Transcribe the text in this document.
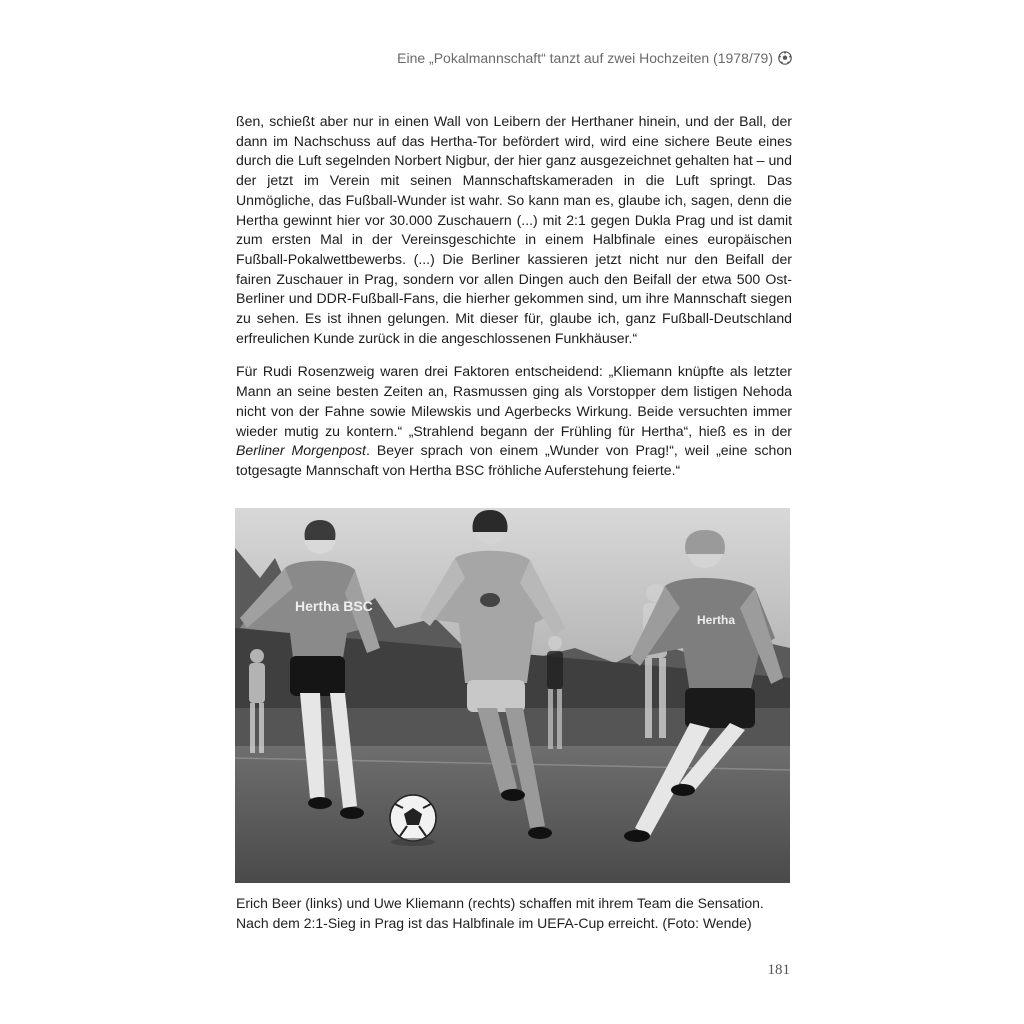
Eine „Pokalmannschaft“ tanzt auf zwei Hochzeiten (1978/79)

ßen, schießt aber nur in einen Wall von Leibern der Herthaner hinein, und der Ball, der dann im Nachschuss auf das Hertha-Tor befördert wird, wird eine sichere Beute eines durch die Luft segelnden Norbert Nigbur, der hier ganz ausgezeichnet gehalten hat – und der jetzt im Verein mit seinen Mannschaftskameraden in die Luft springt. Das Unmögliche, das Fußball-Wunder ist wahr. So kann man es, glaube ich, sagen, denn die Hertha gewinnt hier vor 30.000 Zuschauern (...) mit 2:1 gegen Dukla Prag und ist damit zum ersten Mal in der Vereinsgeschichte in einem Halbfinale eines europäischen Fußball-Pokalwettbewerbs. (...) Die Berliner kassieren jetzt nicht nur den Beifall der fairen Zuschauer in Prag, sondern vor allen Dingen auch den Beifall der etwa 500 Ost-Berliner und DDR-Fußball-Fans, die hierher gekommen sind, um ihre Mannschaft siegen zu sehen. Es ist ihnen gelungen. Mit dieser für, glaube ich, ganz Fußball-Deutschland erfreulichen Kunde zurück in die angeschlossenen Funkhäuser.“

Für Rudi Rosenzweig waren drei Faktoren entscheidend: „Kliemann knüpfte als letzter Mann an seine besten Zeiten an, Rasmussen ging als Vorstopper dem listigen Nehoda nicht von der Fahne sowie Milewskis und Agerbecks Wirkung. Beide versuchten immer wieder mutig zu kontern.“ „Strahlend begann der Frühling für Hertha“, hieß es in der Berliner Morgenpost. Beyer sprach von einem „Wunder von Prag!“, weil „eine schon totgesagte Mannschaft von Hertha BSC fröhliche Auferstehung feierte.“

Hertha BSC
Hertha
Erich Beer (links) und Uwe Kliemann (rechts) schaffen mit ihrem Team die Sensation.
Nach dem 2:1-Sieg in Prag ist das Halbfinale im UEFA-Cup erreicht. (Foto: Wende)
181
